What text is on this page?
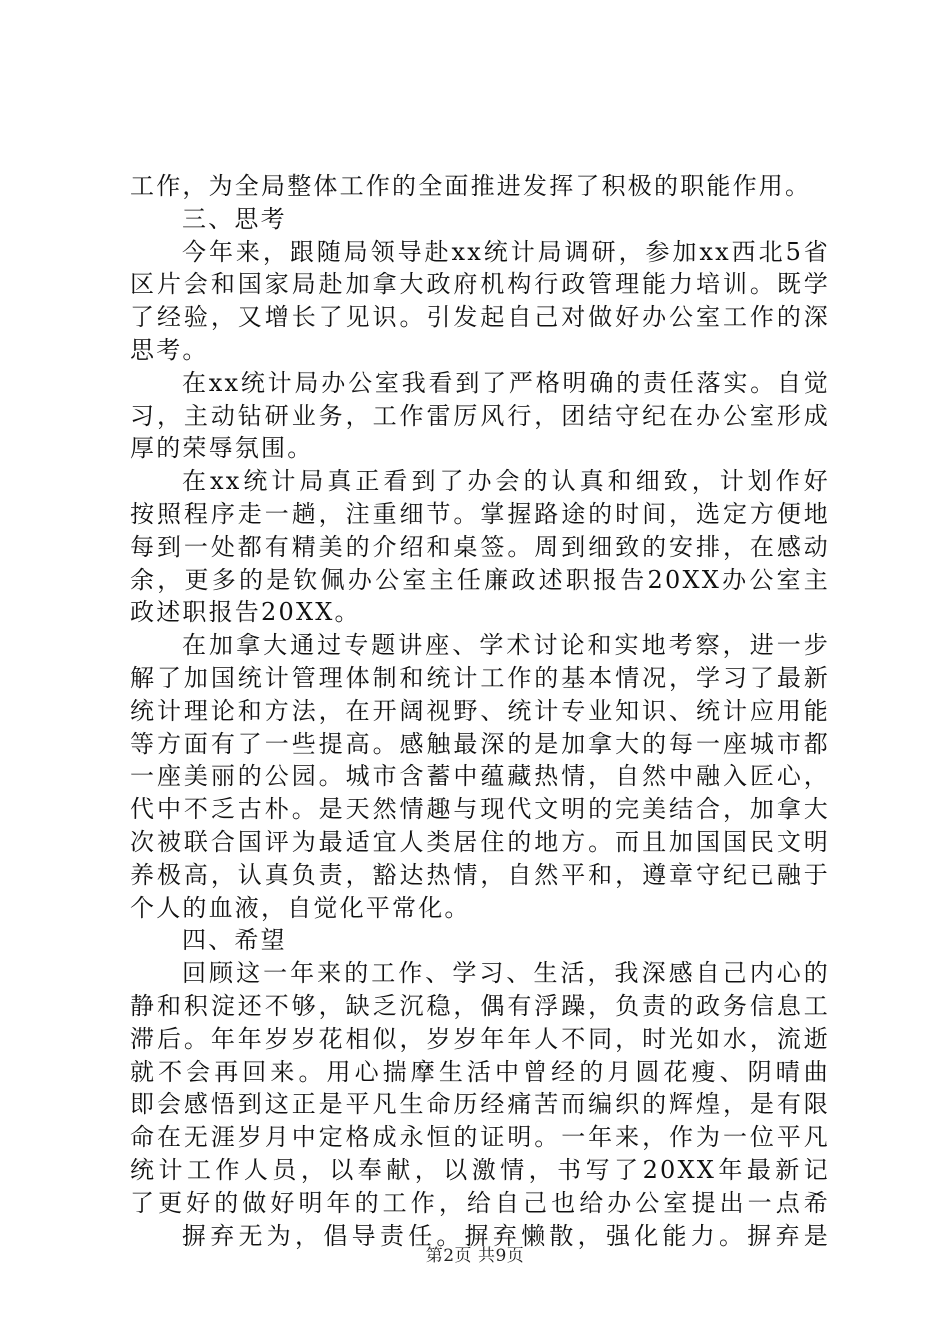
工作，为全局整体工作的全面推进发挥了积极的职能作用。
三、思考
今年来，跟随局领导赴xx统计局调研，参加xx西北5省
区片会和国家局赴加拿大政府机构行政管理能力培训。既学
了经验，又增长了见识。引发起自己对做好办公室工作的深
思考。
在xx统计局办公室我看到了严格明确的责任落实。自觉
习，主动钻研业务，工作雷厉风行，团结守纪在办公室形成
厚的荣辱氛围。
在xx统计局真正看到了办会的认真和细致，计划作好
按照程序走一趟，注重细节。掌握路途的时间，选定方便地
每到一处都有精美的介绍和桌签。周到细致的安排，在感动
余，更多的是钦佩办公室主任廉政述职报告20XX办公室主
政述职报告20XX。
在加拿大通过专题讲座、学术讨论和实地考察，进一步
解了加国统计管理体制和统计工作的基本情况，学习了最新
统计理论和方法，在开阔视野、统计专业知识、统计应用能
等方面有了一些提高。感触最深的是加拿大的每一座城市都
一座美丽的公园。城市含蓄中蕴藏热情，自然中融入匠心，
代中不乏古朴。是天然情趣与现代文明的完美结合，加拿大
次被联合国评为最适宜人类居住的地方。而且加国国民文明
养极高，认真负责，豁达热情，自然平和，遵章守纪已融于
个人的血液，自觉化平常化。
四、希望
回顾这一年来的工作、学习、生活，我深感自己内心的
静和积淀还不够，缺乏沉稳，偶有浮躁，负责的政务信息工
滞后。年年岁岁花相似，岁岁年年人不同，时光如水，流逝
就不会再回来。用心揣摩生活中曾经的月圆花瘦、阴晴曲
即会感悟到这正是平凡生命历经痛苦而编织的辉煌，是有限
命在无涯岁月中定格成永恒的证明。一年来，作为一位平凡
统计工作人员，以奉献，以激情，书写了20XX年最新记
了更好的做好明年的工作，给自己也给办公室提出一点希
摒弃无为，倡导责任。摒弃懒散，强化能力。摒弃是
第2页 共9页
